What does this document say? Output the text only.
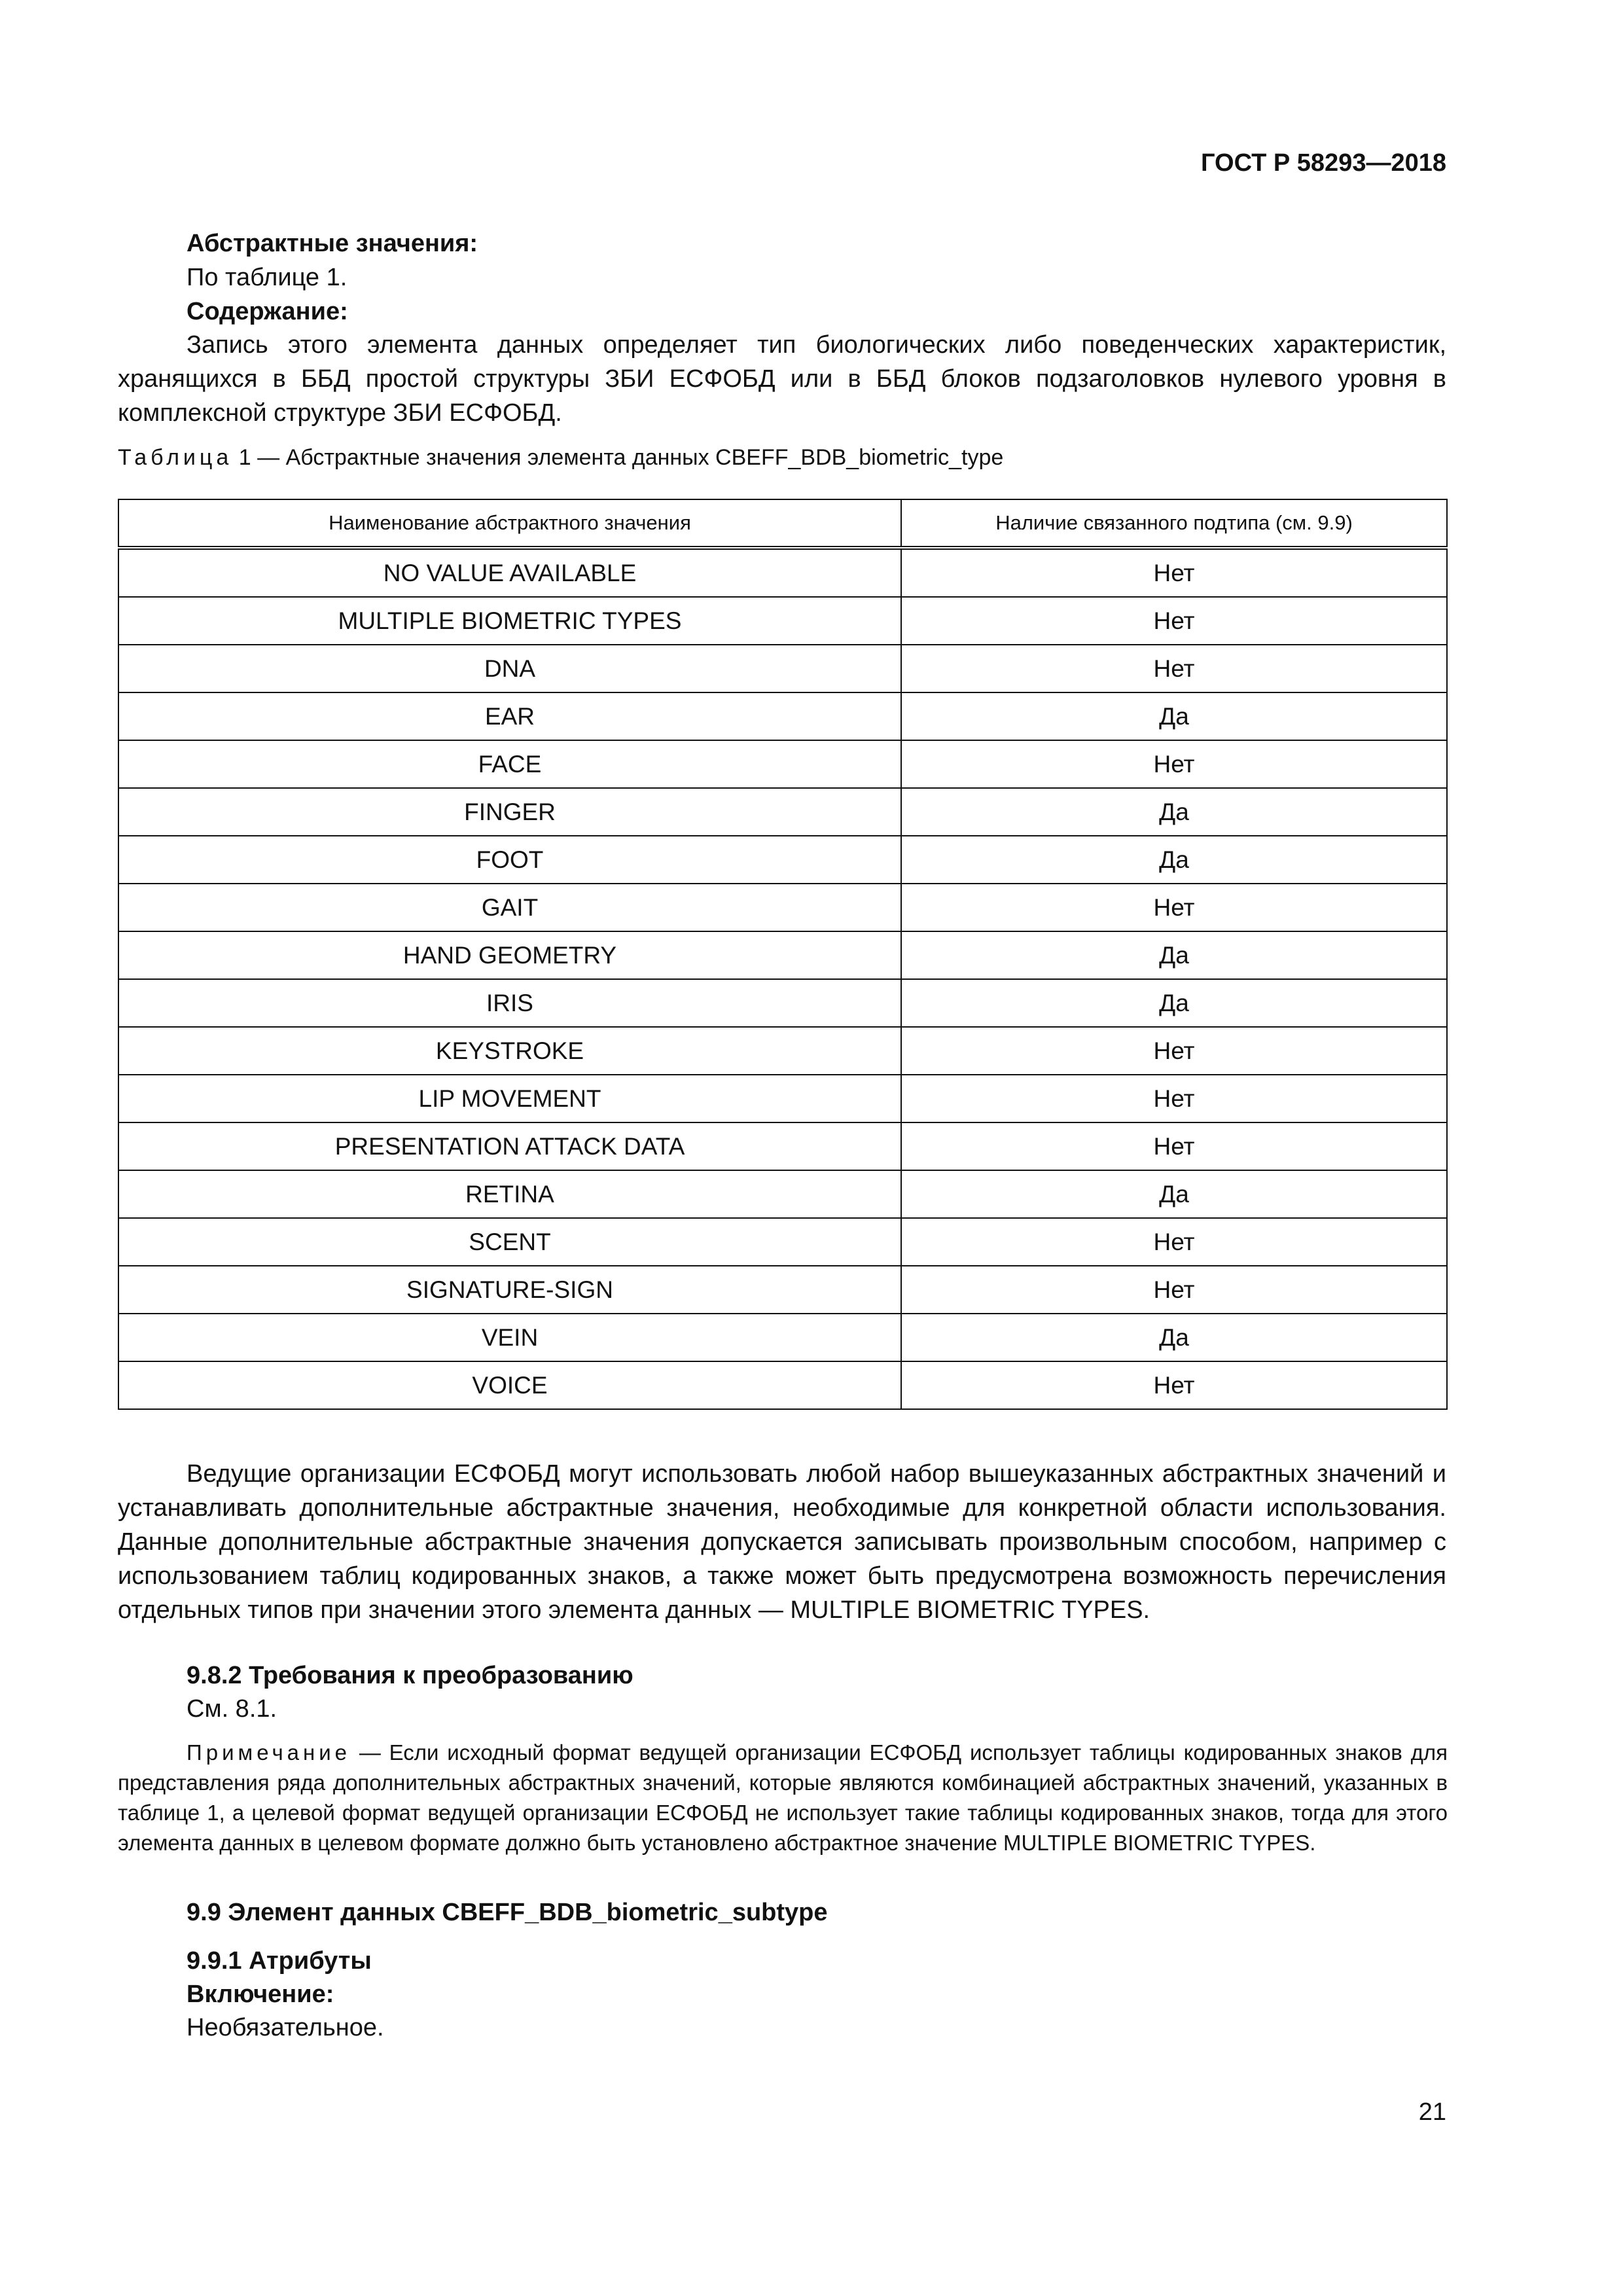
ГОСТ Р 58293—2018
Абстрактные значения:
По таблице 1.
Содержание:
Запись этого элемента данных определяет тип биологических либо поведенческих характеристик, хранящихся в ББД простой структуры ЗБИ ЕСФОБД или в ББД блоков подзаголовков нулевого уровня в комплексной структуре ЗБИ ЕСФОБД.
Таблица 1 — Абстрактные значения элемента данных CBEFF_BDB_biometric_type
Наименование абстрактного значения	Наличие связанного подтипа (см. 9.9)
NO VALUE AVAILABLE	Нет
MULTIPLE BIOMETRIC TYPES	Нет
DNA	Нет
EAR	Да
FACE	Нет
FINGER	Да
FOOT	Да
GAIT	Нет
HAND GEOMETRY	Да
IRIS	Да
KEYSTROKE	Нет
LIP MOVEMENT	Нет
PRESENTATION ATTACK DATA	Нет
RETINA	Да
SCENT	Нет
SIGNATURE-SIGN	Нет
VEIN	Да
VOICE	Нет
Ведущие организации ЕСФОБД могут использовать любой набор вышеуказанных абстрактных значений и устанавливать дополнительные абстрактные значения, необходимые для конкретной области использования. Данные дополнительные абстрактные значения допускается записывать произвольным способом, например с использованием таблиц кодированных знаков, а также может быть предусмотрена возможность перечисления отдельных типов при значении этого элемента данных — MULTIPLE BIOMETRIC TYPES.
9.8.2 Требования к преобразованию
См. 8.1.
Примечание — Если исходный формат ведущей организации ЕСФОБД использует таблицы кодированных знаков для представления ряда дополнительных абстрактных значений, которые являются комбинацией абстрактных значений, указанных в таблице 1, а целевой формат ведущей организации ЕСФОБД не использует такие таблицы кодированных знаков, тогда для этого элемента данных в целевом формате должно быть установлено абстрактное значение MULTIPLE BIOMETRIC TYPES.
9.9 Элемент данных CBEFF_BDB_biometric_subtype
9.9.1 Атрибуты
Включение:
Необязательное.
21
